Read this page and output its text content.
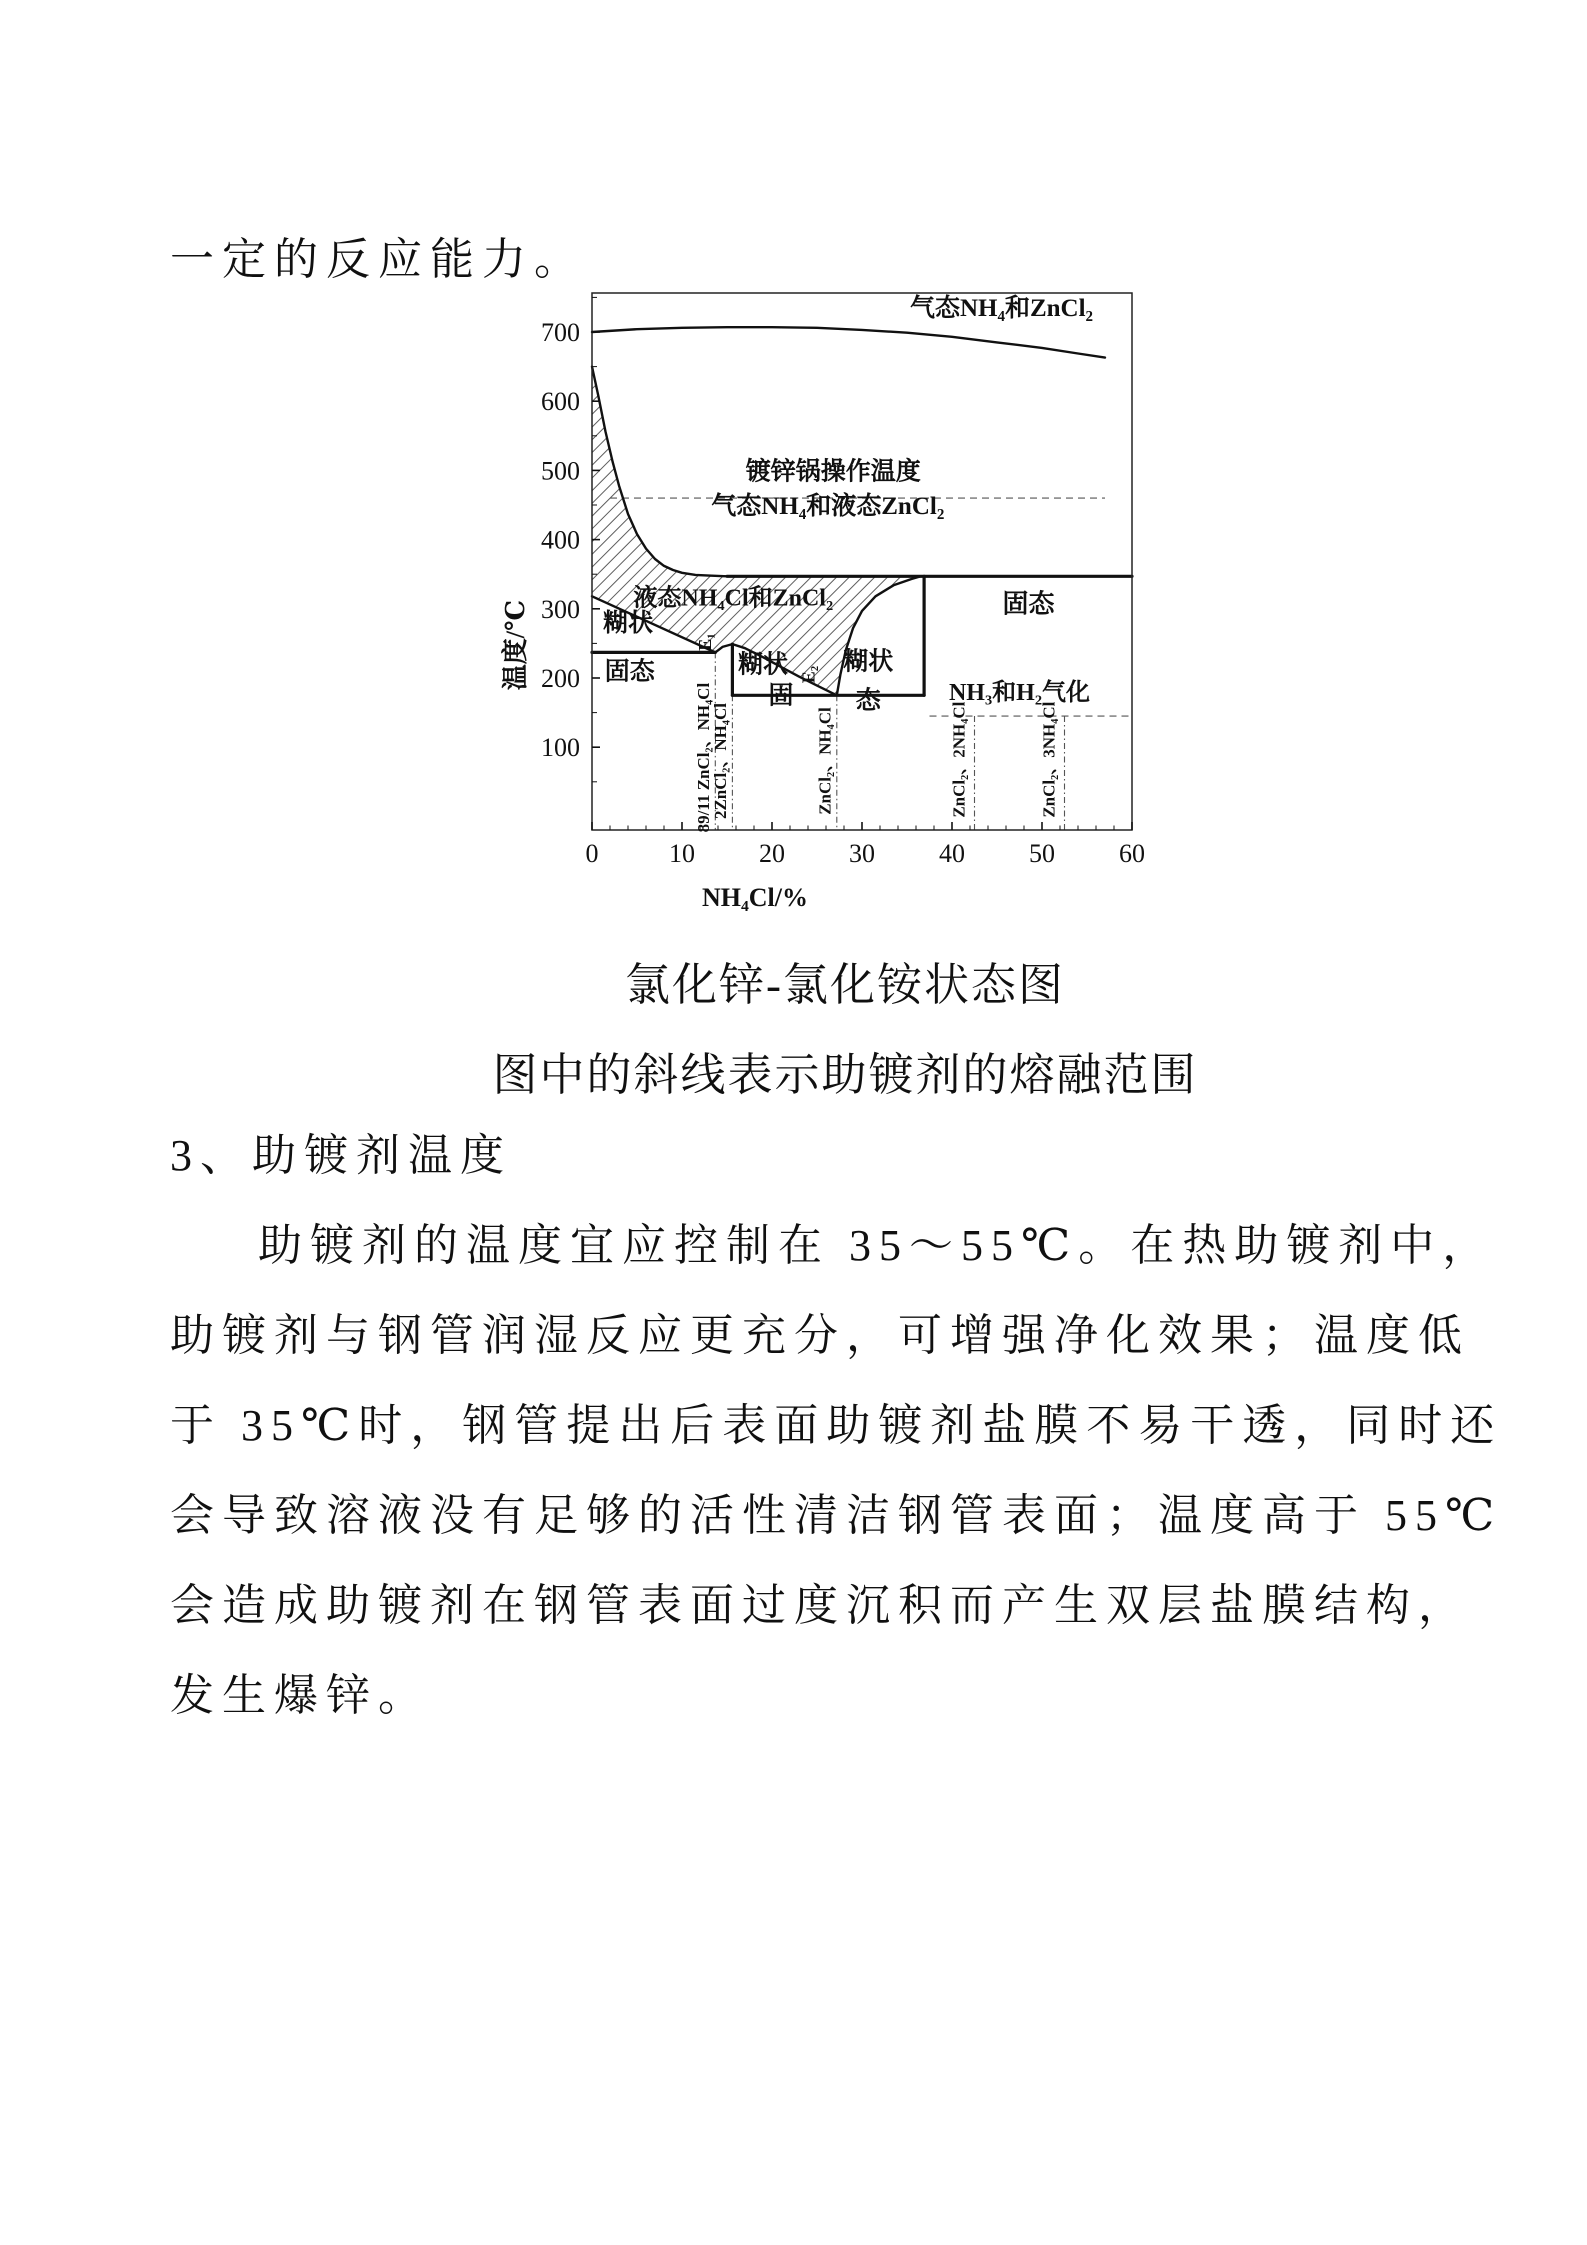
一定的反应能力。
0	10 20 30 40 50 60
100
200
300
400
500
600
700
NH₄Cl/%
温度/℃
气态NH₄和ZnCl₂
镀锌锅操作温度
气态NH₄和液态ZnCl₂
液态NH₄Cl和ZnCl₂
糊状
固态
E₁
E₂
糊状
固
糊状
态
固态
NH₃和H₂气化
89/11 ZnCl₂、NH₄Cl
2ZnCl₂、NH₄Cl	ZnCl₂、NH₄Cl	ZnCl₂、2NH₄Cl	ZnCl₂、3NH₄Cl
氯化锌-氯化铵状态图
图中的斜线表示助镀剂的熔融范围
3、助镀剂温度
助镀剂的温度宜应控制在 35～55℃。在热助镀剂中，
助镀剂与钢管润湿反应更充分，可增强净化效果；温度低
于 35℃时，钢管提出后表面助镀剂盐膜不易干透，同时还
会导致溶液没有足够的活性清洁钢管表面；温度高于 55℃
会造成助镀剂在钢管表面过度沉积而产生双层盐膜结构，
发生爆锌。
